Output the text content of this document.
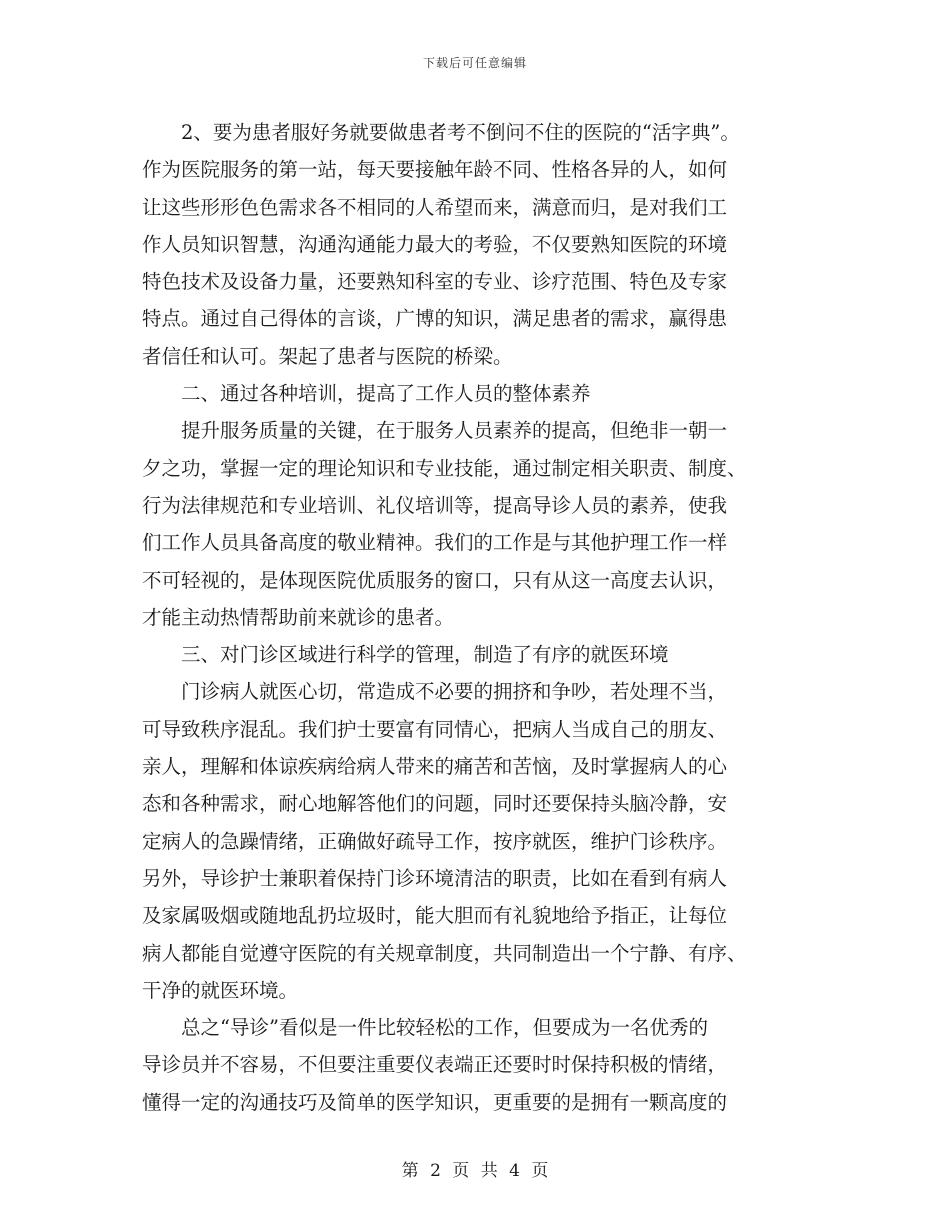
下载后可任意编辑
2、要为患者服好务就要做患者考不倒问不住的医院的“活字典”。
作为医院服务的第一站，每天要接触年龄不同、性格各异的人，如何
让这些形形色色需求各不相同的人希望而来，满意而归，是对我们工
作人员知识智慧，沟通沟通能力最大的考验，不仅要熟知医院的环境
特色技术及设备力量，还要熟知科室的专业、诊疗范围、特色及专家
特点。通过自己得体的言谈，广博的知识，满足患者的需求，赢得患
者信任和认可。架起了患者与医院的桥梁。
二、通过各种培训，提高了工作人员的整体素养
提升服务质量的关键，在于服务人员素养的提高，但绝非一朝一
夕之功，掌握一定的理论知识和专业技能，通过制定相关职责、制度、
行为法律规范和专业培训、礼仪培训等，提高导诊人员的素养，使我
们工作人员具备高度的敬业精神。我们的工作是与其他护理工作一样
不可轻视的，是体现医院优质服务的窗口，只有从这一高度去认识，
才能主动热情帮助前来就诊的患者。
三、对门诊区域进行科学的管理，制造了有序的就医环境
门诊病人就医心切，常造成不必要的拥挤和争吵，若处理不当，
可导致秩序混乱。我们护士要富有同情心，把病人当成自己的朋友、
亲人，理解和体谅疾病给病人带来的痛苦和苦恼，及时掌握病人的心
态和各种需求，耐心地解答他们的问题，同时还要保持头脑冷静，安
定病人的急躁情绪，正确做好疏导工作，按序就医，维护门诊秩序。
另外，导诊护士兼职着保持门诊环境清洁的职责，比如在看到有病人
及家属吸烟或随地乱扔垃圾时，能大胆而有礼貌地给予指正，让每位
病人都能自觉遵守医院的有关规章制度，共同制造出一个宁静、有序、
干净的就医环境。
总之“导诊”看似是一件比较轻松的工作，但要成为一名优秀的
导诊员并不容易，不但要注重要仪表端正还要时时保持积极的情绪，
懂得一定的沟通技巧及简单的医学知识，更重要的是拥有一颗高度的
第 2 页 共 4 页
